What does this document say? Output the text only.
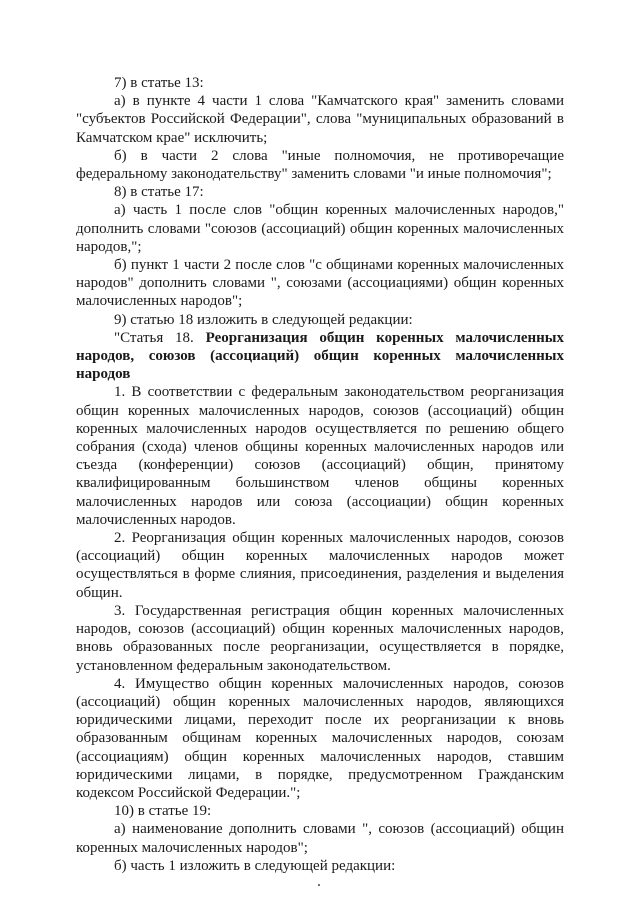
7) в статье 13:

а) в пункте 4 части 1 слова "Камчатского края" заменить словами "субъектов Российской Федерации", слова "муниципальных образований в Камчатском крае" исключить;

б) в части 2 слова "иные полномочия, не противоречащие федеральному законодательству" заменить словами "и иные полномочия";

8) в статье 17:

а) часть 1 после слов "общин коренных малочисленных народов," дополнить словами "союзов (ассоциаций) общин коренных малочисленных народов,";

б) пункт 1 части 2 после слов "с общинами коренных малочисленных народов" дополнить словами ", союзами (ассоциациями) общин коренных малочисленных народов";

9) статью 18 изложить в следующей редакции:

"Статья 18. Реорганизация общин коренных малочисленных народов, союзов (ассоциаций) общин коренных малочисленных народов

1. В соответствии с федеральным законодательством реорганизация общин коренных малочисленных народов, союзов (ассоциаций) общин коренных малочисленных народов осуществляется по решению общего собрания (схода) членов общины коренных малочисленных народов или съезда (конференции) союзов (ассоциаций) общин, принятому квалифицированным большинством членов общины коренных малочисленных народов или союза (ассоциации) общин коренных малочисленных народов.

2. Реорганизация общин коренных малочисленных народов, союзов (ассоциаций) общин коренных малочисленных народов может осуществляться в форме слияния, присоединения, разделения и выделения общин.

3. Государственная регистрация общин коренных малочисленных народов, союзов (ассоциаций) общин коренных малочисленных народов, вновь образованных после реорганизации, осуществляется в порядке, установленном федеральным законодательством.

4. Имущество общин коренных малочисленных народов, союзов (ассоциаций) общин коренных малочисленных народов, являющихся юридическими лицами, переходит после их реорганизации к вновь образованным общинам коренных малочисленных народов, союзам (ассоциациям) общин коренных малочисленных народов, ставшим юридическими лицами, в порядке, предусмотренном Гражданским кодексом Российской Федерации.";

10) в статье 19:

а) наименование дополнить словами ", союзов (ассоциаций) общин коренных малочисленных народов";

б) часть 1 изложить в следующей редакции:
